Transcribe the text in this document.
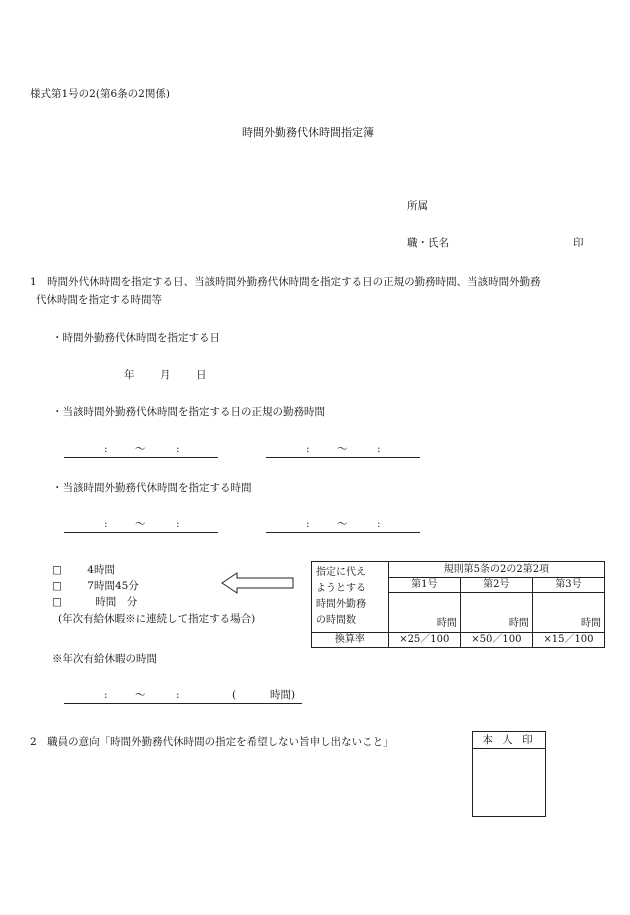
様式第1号の2(第6条の2関係)
時間外勤務代休時間指定簿
所属
職・氏名	印
1　時間外代休時間を指定する日、当該時間外勤務代休時間を指定する日の正規の勤務時間、当該時間外勤務
代休時間を指定する時間等
・時間外勤務代休時間を指定する日
年 月 日
・当該時間外勤務代休時間を指定する日の正規の勤務時間
:	〜	:	:	〜	:
・当該時間外勤務代休時間を指定する時間
:	〜	:	:	〜	:
□ 4時間
□ 7時間45分
□	時間　分
(年次有給休暇※に連続して指定する場合)
指定に代え
ようとする
時間外勤務
の時間数	規則第5条の2の2第2項		
	第1号	第2号	第3号
	時間	時間	時間
換算率	×25／100	×50／100	×15／100
※年次有給休暇の時間
:	〜	:	(	時間)
2　職員の意向「時間外勤務代休時間の指定を希望しない旨申し出ないこと」	本 人 印
